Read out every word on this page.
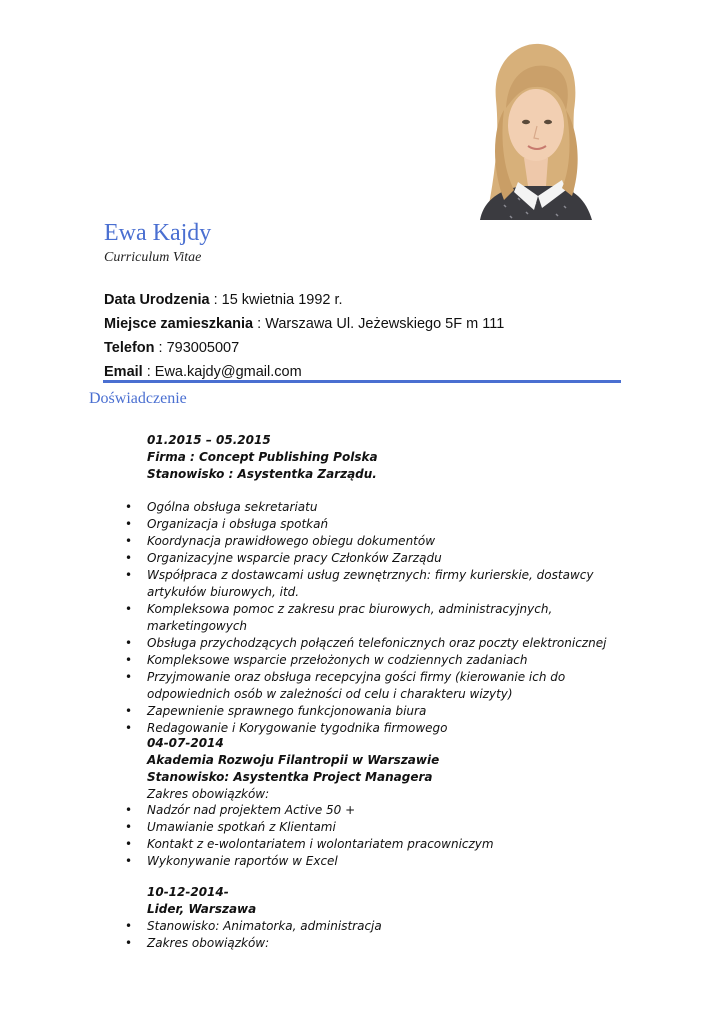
Ewa Kajdy
Curriculum Vitae
Data Urodzenia : 15 kwietnia 1992 r.
Miejsce zamieszkania : Warszawa Ul. Jeżewskiego 5F m 111
Telefon : 793005007
Email : Ewa.kajdy@gmail.com
Doświadczenie
01.2015 – 05.2015
Firma : Concept Publishing Polska
Stanowisko : Asystentka Zarządu.
• Ogólna obsługa sekretariatu
• Organizacja i obsługa spotkań
• Koordynacja prawidłowego obiegu dokumentów
• Organizacyjne wsparcie pracy Członków Zarządu
• Współpraca z dostawcami usług zewnętrznych: firmy kurierskie, dostawcy artykułów biurowych, itd.
• Kompleksowa pomoc z zakresu prac biurowych, administracyjnych, marketingowych
• Obsługa przychodzących połączeń telefonicznych oraz poczty elektronicznej
• Kompleksowe wsparcie przełożonych w codziennych zadaniach
• Przyjmowanie oraz obsługa recepcyjna gości firmy (kierowanie ich do odpowiednich osób w zależności od celu i charakteru wizyty)
• Zapewnienie sprawnego funkcjonowania biura
• Redagowanie i Korygowanie tygodnika firmowego
04-07-2014
Akademia Rozwoju Filantropii w Warszawie
Stanowisko: Asystentka Project Managera
Zakres obowiązków:
• Nadzór nad projektem Active 50 +
• Umawianie spotkań z Klientami
• Kontakt z e-wolontariatem i wolontariatem pracowniczym
• Wykonywanie raportów w Excel
10-12-2014-
Lider, Warszawa
• Stanowisko: Animatorka, administracja
• Zakres obowiązków:
